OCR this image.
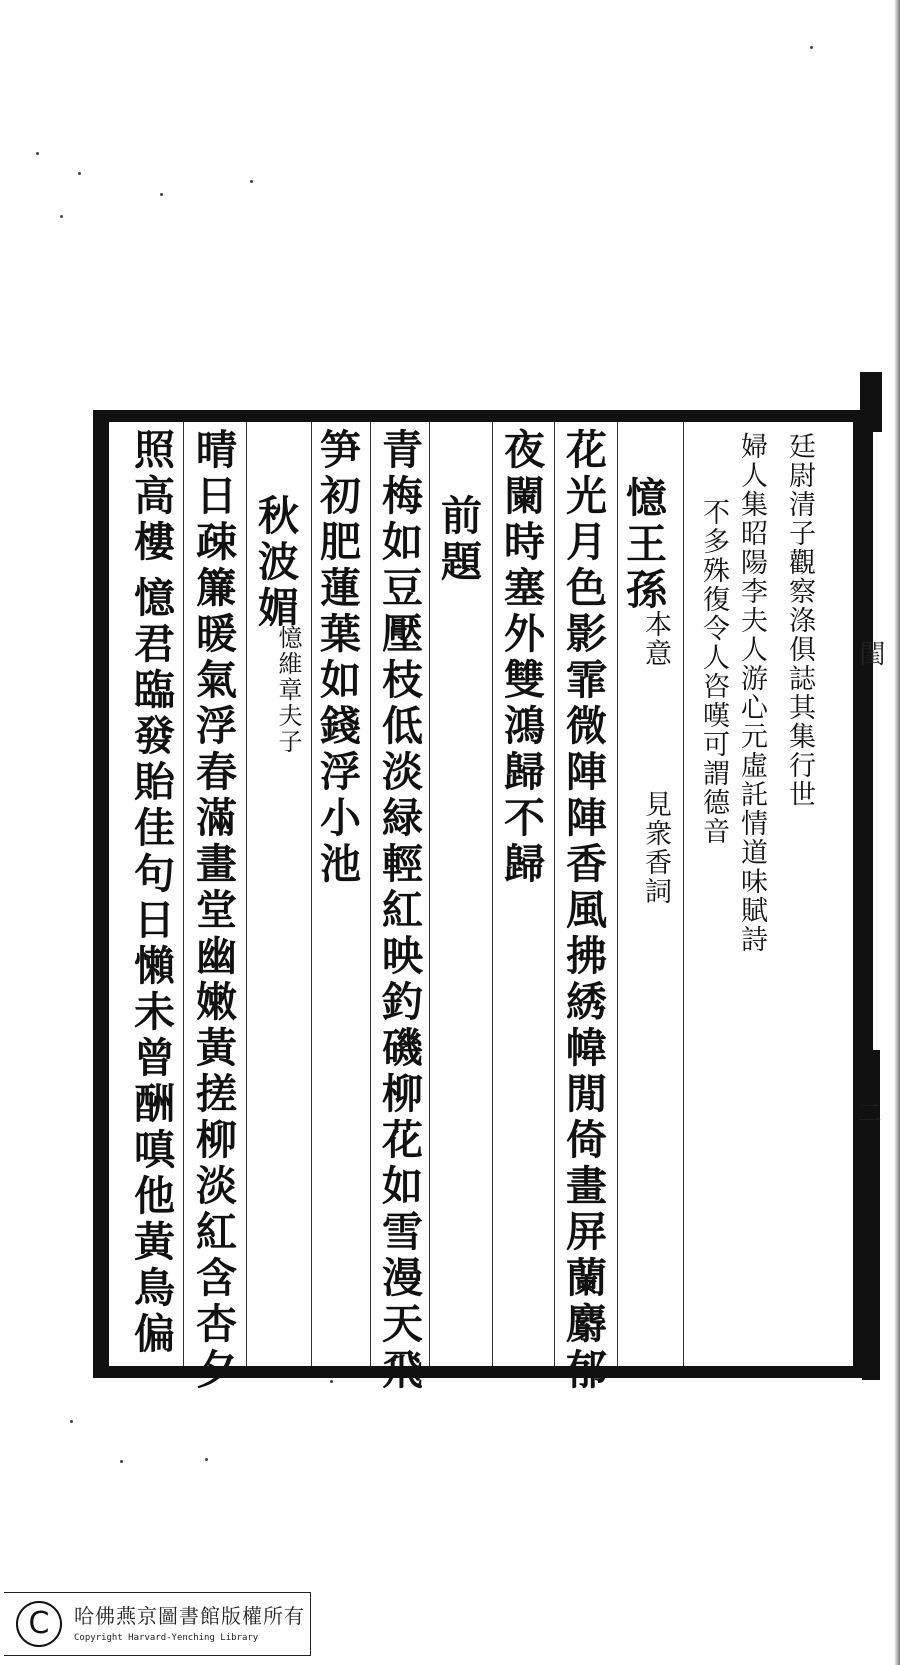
閨
二
廷尉清子觀察涤俱誌其集行世
婦人集昭陽李夫人游心元虛託情道味賦詩
不多殊復令人咨嘆可謂德音
憶王孫
本意
見衆香詞
花光月色影霏微陣陣香風拂綉幃閒倚畫屏蘭麝郁
夜闌時塞外雙鴻歸不歸
前題
青梅如豆壓枝低淡緑輕紅映釣磯柳花如雪漫天飛
笋初肥蓮葉如錢浮小池
秋波媚
憶維章夫子
晴日疎簾暖氣浮春滿畫堂幽嫩黃搓柳淡紅含杏夕
照高樓
憶君臨發貽佳句日懶未曾酬嗔他黃鳥偏
C	哈佛燕京圖書館版權所有
Copyright Harvard-Yenching Library
